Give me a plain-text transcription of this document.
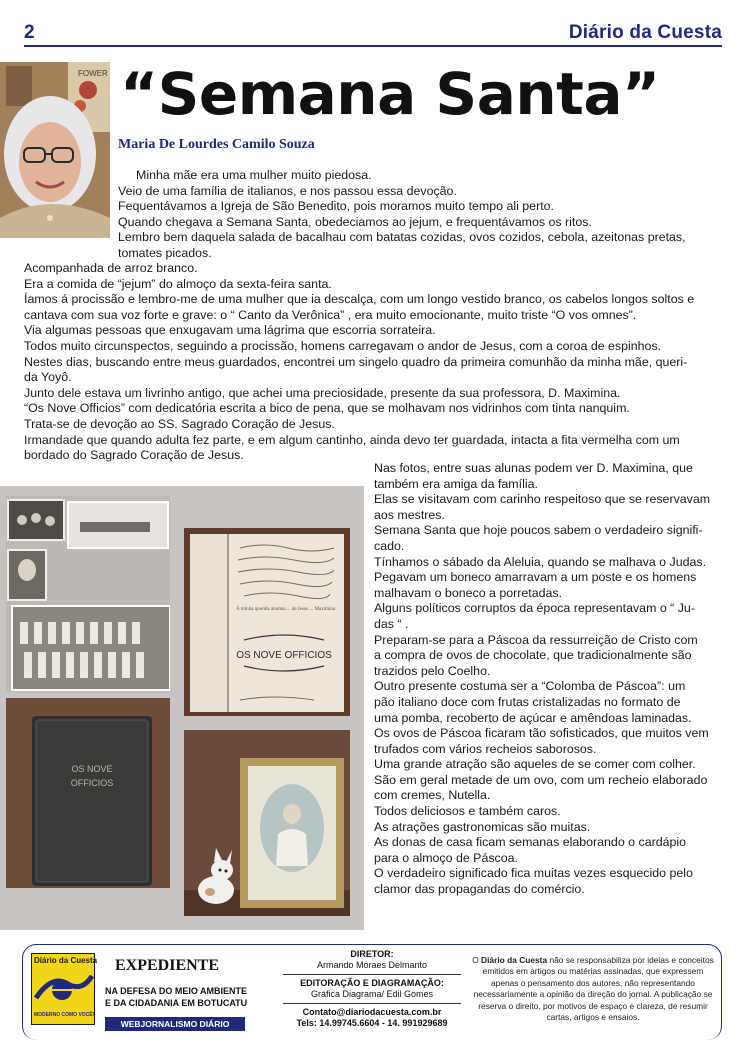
2	Diário da Cuesta
FOWER “Semana Santa”
Maria De Lourdes Camilo Souza

Minha mãe era uma mulher muito piedosa.

Veio de uma família de italianos, e nos passou essa devoção.

Fequentávamos a Igreja de São Benedito, pois moramos muito tempo ali perto.

Quando chegava a Semana Santa, obedeciamos ao jejum, e frequentávamos os ritos.

Lembro bem daquela salada de bacalhau com batatas cozidas, ovos cozidos, cebola, azeitonas pretas,

tomates picados.

Acompanhada de arroz branco.

Era a comida de “jejum” do almoço da sexta-feira santa.

Íamos á procissão e lembro-me de uma mulher que ia descalça, com um longo vestido branco, os cabelos longos soltos e

cantava com sua voz forte e grave: o “ Canto da Verônica” , era muito emocionante, muito triste “O vos omnes”.

Via algumas pessoas que enxugavam uma lágrima que escorria sorrateira.

Todos muito circunspectos, seguindo a procissão, homens carregavam o andor de Jesus, com a coroa de espinhos.

Nestes dias, buscando entre meus guardados, encontrei um singelo quadro da primeira comunhão da minha mãe, queri-

da Yoyô.

Junto dele estava um livrinho antigo, que achei uma preciosidade, presente da sua professora, D. Maximina.

“Os Nove Officios” com dedicatória escrita a bico de pena, que se molhavam nos vidrinhos com tinta nanquim.

Trata-se de devoção ao SS. Sagrado Coração de Jesus.

Irmandade que quando adulta fez parte, e em algum cantinho, ainda devo ter guardada, intacta a fita vermelha com um

bordado do Sagrado Coração de Jesus.

Nas fotos, entre suas alunas podem ver D. Maximina, que

também era amiga da família.

Elas se visitavam com carinho respeitoso que se reservavam

aos mestres.

Semana Santa que hoje poucos sabem o verdadeiro signifi-

cado.

Tínhamos o sábado da Aleluia, quando se malhava o Judas.

Pegavam um boneco amarravam a um poste e os homens

malhavam o boneco a porretadas.

Alguns políticos corruptos da época representavam o “ Ju-

das “ .

Preparam-se para a Páscoa da ressurreição de Cristo com

a compra de ovos de chocolate, que tradicionalmente são

trazidos pelo Coelho.

Outro presente costuma ser a “Colomba de Páscoa”: um

pão italiano doce com frutas cristalizadas no formato de

uma pomba, recoberto de açúcar e amêndoas laminadas.

Os ovos de Páscoa ficaram tão sofisticados, que muitos vem

trufados com vários recheios saborosos.

Uma grande atração são aqueles de se comer com colher.

São em geral metade de um ovo, com um recheio elaborado

com cremes, Nutella.

Todos deliciosos e também caros.

As atrações gastronomicas são muitas.

As donas de casa ficam semanas elaborando o cardápio

para o almoço de Páscoa.

O verdadeiro significado fica muitas vezes esquecido pelo

clamor das propagandas do comércio.

Á minha querida alumna ... de Jesus ... Maximina
OS NOVE OFFICIOS
OS NOVE
OFFICIOS
Diário da Cuesta
MODERNO COMO VOCÊ!
EXPEDIENTE
NA DEFESA DO MEIO AMBIENTE
E DA CIDADANIA EM BOTUCATU
WEBJORNALISMO DIÁRIO
DIRETOR:
Armando Moraes Delmanto
EDITORAÇÃO E DIAGRAMAÇÃO:
Gráfica Diagrama/ Edil Gomes
Contato@diariodacuesta.com.br
Tels: 14.99745.6604 - 14. 991929689
O Diário da Cuesta não se responsabiliza por ideias e conceitos emitidos em artigos ou matérias assinadas, que expressem apenas o pensamento dos autores, não representando necessariamente a opinião da direção do jornal. A publicação se reserva o direito, por motivos de espaço e clareza, de resumir cartas, artigos e ensaios.
